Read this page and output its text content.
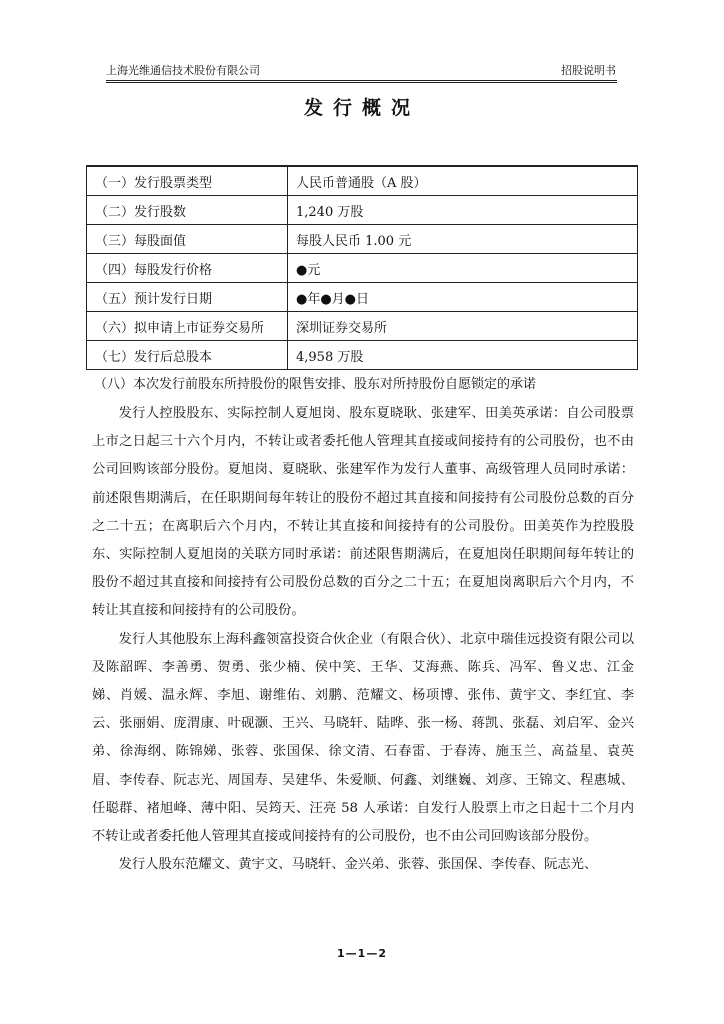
上海光维通信技术股份有限公司	招股说明书
发行概况
（一）发行股票类型	人民币普通股（A 股）
（二）发行股数	1,240 万股
（三）每股面值	每股人民币 1.00 元
（四）每股发行价格	●元
（五）预计发行日期	●年●月●日
（六）拟申请上市证券交易所	深圳证券交易所
（七）发行后总股本	4,958 万股
（八）本次发行前股东所持股份的限售安排、股东对所持股份自愿锁定的承诺

发行人控股股东、实际控制人夏旭岗、股东夏晓耿、张建军、田美英承诺：自公司股票上市之日起三十六个月内，不转让或者委托他人管理其直接或间接持有的公司股份，也不由公司回购该部分股份。夏旭岗、夏晓耿、张建军作为发行人董事、高级管理人员同时承诺：前述限售期满后，在任职期间每年转让的股份不超过其直接和间接持有公司股份总数的百分之二十五；在离职后六个月内，不转让其直接和间接持有的公司股份。田美英作为控股股东、实际控制人夏旭岗的关联方同时承诺：前述限售期满后，在夏旭岗任职期间每年转让的股份不超过其直接和间接持有公司股份总数的百分之二十五；在夏旭岗离职后六个月内，不转让其直接和间接持有的公司股份。

发行人其他股东上海科鑫领富投资合伙企业（有限合伙）、北京中瑞佳远投资有限公司以及陈韶晖、李善勇、贺勇、张少楠、侯中笑、王华、艾海燕、陈兵、冯军、鲁义忠、江金娣、肖媛、温永辉、李旭、谢维佑、刘鹏、范耀文、杨项博、张伟、黄宇文、李红宜、李云、张丽娟、庞渭康、叶砚灏、王兴、马晓轩、陆晔、张一杨、蒋凯、张磊、刘启军、金兴弟、徐海纲、陈锦娣、张蓉、张国保、徐文清、石春雷、于春涛、施玉兰、高益星、袁英眉、李传春、阮志光、周国寿、吴建华、朱爱顺、何鑫、刘继巍、刘彦、王锦文、程惠城、任聪群、褚旭峰、薄中阳、吴筠天、汪亮 58 人承诺：自发行人股票上市之日起十二个月内不转让或者委托他人管理其直接或间接持有的公司股份，也不由公司回购该部分股份。

发行人股东范耀文、黄宇文、马晓轩、金兴弟、张蓉、张国保、李传春、阮志光、

1—1—2
